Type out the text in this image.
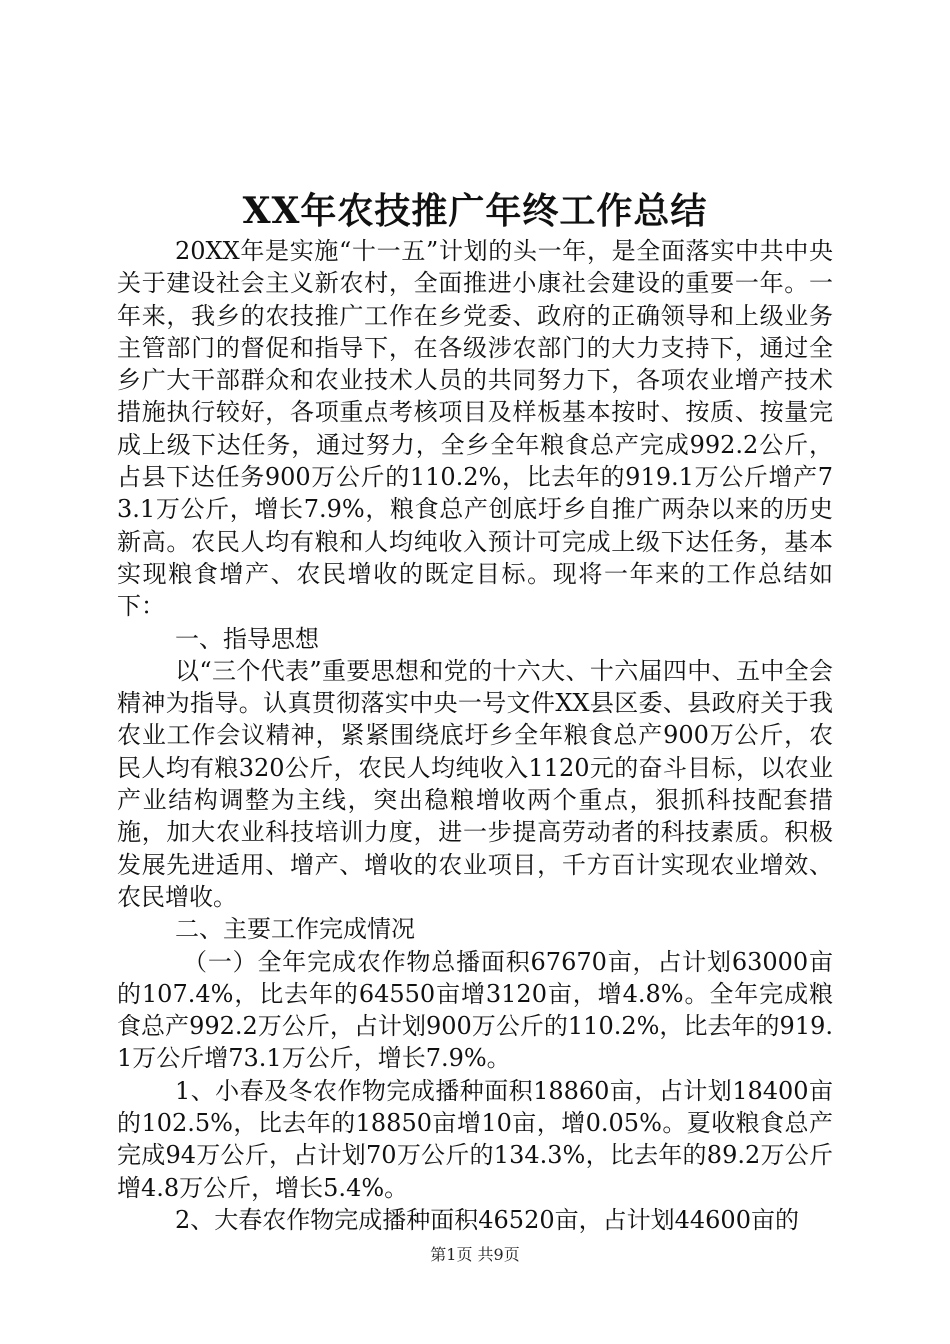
XX年农技推广年终工作总结

20XX年是实施“十一五”计划的头一年，是全面落实中共中央关于建设社会主义新农村，全面推进小康社会建设的重要一年。一年来，我乡的农技推广工作在乡党委、政府的正确领导和上级业务主管部门的督促和指导下，在各级涉农部门的大力支持下，通过全乡广大干部群众和农业技术人员的共同努力下，各项农业增产技术措施执行较好，各项重点考核项目及样板基本按时、按质、按量完成上级下达任务，通过努力，全乡全年粮食总产完成992.2公斤，占县下达任务900万公斤的110.2%，比去年的919.1万公斤增产73.1万公斤，增长7.9%，粮食总产创底圩乡自推广两杂以来的历史新高。农民人均有粮和人均纯收入预计可完成上级下达任务，基本实现粮食增产、农民增收的既定目标。现将一年来的工作总结如下：

一、指导思想

以“三个代表”重要思想和党的十六大、十六届四中、五中全会精神为指导。认真贯彻落实中央一号文件XX县区委、县政府关于我农业工作会议精神，紧紧围绕底圩乡全年粮食总产900万公斤，农民人均有粮320公斤，农民人均纯收入1120元的奋斗目标，以农业产业结构调整为主线，突出稳粮增收两个重点，狠抓科技配套措施，加大农业科技培训力度，进一步提高劳动者的科技素质。积极发展先进适用、增产、增收的农业项目，千方百计实现农业增效、农民增收。

二、主要工作完成情况

（一）全年完成农作物总播面积67670亩，占计划63000亩的107.4%，比去年的64550亩增3120亩，增4.8%。全年完成粮食总产992.2万公斤，占计划900万公斤的110.2%，比去年的919.1万公斤增73.1万公斤，增长7.9%。

1、小春及冬农作物完成播种面积18860亩，占计划18400亩的102.5%，比去年的18850亩增10亩，增0.05%。夏收粮食总产完成94万公斤，占计划70万公斤的134.3%，比去年的89.2万公斤增4.8万公斤，增长5.4%。

2、大春农作物完成播种面积46520亩，占计划44600亩的

第1页 共9页
